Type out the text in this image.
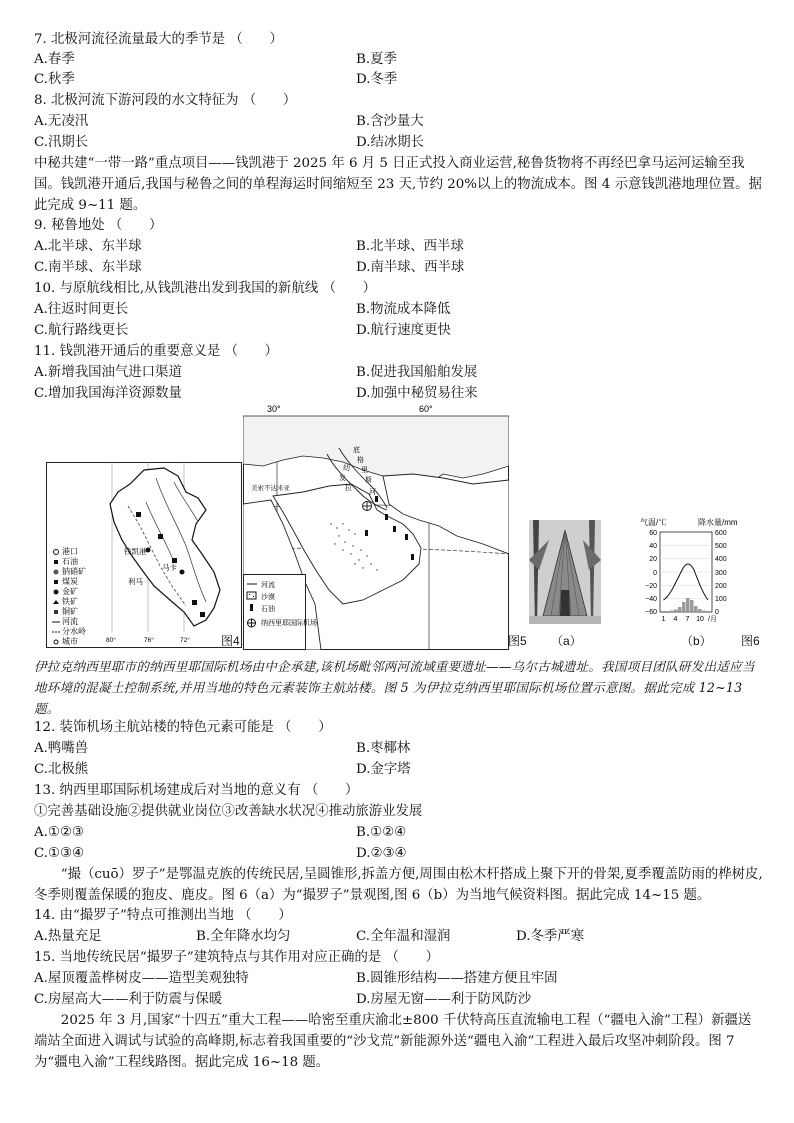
7. 北极河流径流量最大的季节是 （　　）
A.春季	B.夏季
C.秋季	D.冬季
8. 北极河流下游河段的水文特征为 （　　）
A.无凌汛	B.含沙量大
C.汛期长	D.结冰期长
中秘共建“一带一路”重点项目——钱凯港于 2025 年 6 月 5 日正式投入商业运营,秘鲁货物将不再经巴拿马运河运输至我国。钱凯港开通后,我国与秘鲁之间的单程海运时间缩短至 23 天,节约 20%以上的物流成本。图 4 示意钱凯港地理位置。据此完成 9~11 题。
9. 秘鲁地处 （　　）
A.北半球、东半球	B.北半球、西半球
C.南半球、东半球	D.南半球、西半球
10. 与原航线相比,从钱凯港出发到我国的新航线 （　　）
A.往返时间更长	B.物流成本降低
C.航行路线更长	D.航行速度更快
11. 钱凯港开通后的重要意义是 （　　）
A.新增我国油气进口渠道	B.促进我国船舶发展
C.增加我国海洋资源数量	D.加强中秘贸易往来
钱凯港
利马
马卡
港口
石油
钠硝矿
煤炭
金矿
铁矿
铜矿
河流
分水岭
城市	80°	76°	72°	图4
30°	60°
底
格
里
斯
幼
发
拉
河
美索不达米亚
河流
沙漠
石油
纳西里耶国际机场
图5 （a）
气温/℃	降水量/mm
60
40
20
0
−20
−40
−60
600
500
400
300
200
100
0
1 4 7 10 /月
（b） 图6
伊拉克纳西里耶市的纳西里耶国际机场由中企承建,该机场毗邻两河流域重要遗址——乌尔古城遗址。我国项目团队研发出适应当地环境的混凝土控制系统,并用当地的特色元素装饰主航站楼。图 5 为伊拉克纳西里耶国际机场位置示意图。据此完成 12~13 题。
12. 装饰机场主航站楼的特色元素可能是 （　　）
A.鸭嘴兽	B.枣椰林
C.北极熊	D.金字塔
13. 纳西里耶国际机场建成后对当地的意义有 （　　）
①完善基础设施②提供就业岗位③改善缺水状况④推动旅游业发展
A.①②③	B.①②④
C.①③④	D.②③④
“撮（cuō）罗子”是鄂温克族的传统民居,呈圆锥形,拆盖方便,周围由松木杆搭成上聚下开的骨架,夏季覆盖防雨的桦树皮,冬季则覆盖保暖的狍皮、鹿皮。图 6（a）为“撮罗子”景观图,图 6（b）为当地气候资料图。据此完成 14~15 题。
14. 由“撮罗子”特点可推测出当地 （　　）
A.热量充足	B.全年降水均匀	C.全年温和湿润	D.冬季严寒
15. 当地传统民居“撮罗子”建筑特点与其作用对应正确的是 （　　）
A.屋顶覆盖桦树皮——造型美观独特	B.圆锥形结构——搭建方便且牢固
C.房屋高大——利于防震与保暖	D.房屋无窗——利于防风防沙
2025 年 3 月,国家“十四五”重大工程——哈密至重庆渝北±800 千伏特高压直流输电工程（“疆电入渝”工程）新疆送端站全面进入调试与试验的高峰期,标志着我国重要的“沙戈荒”新能源外送“疆电入渝”工程进入最后攻坚冲刺阶段。图 7 为“疆电入渝”工程线路图。据此完成 16~18 题。
